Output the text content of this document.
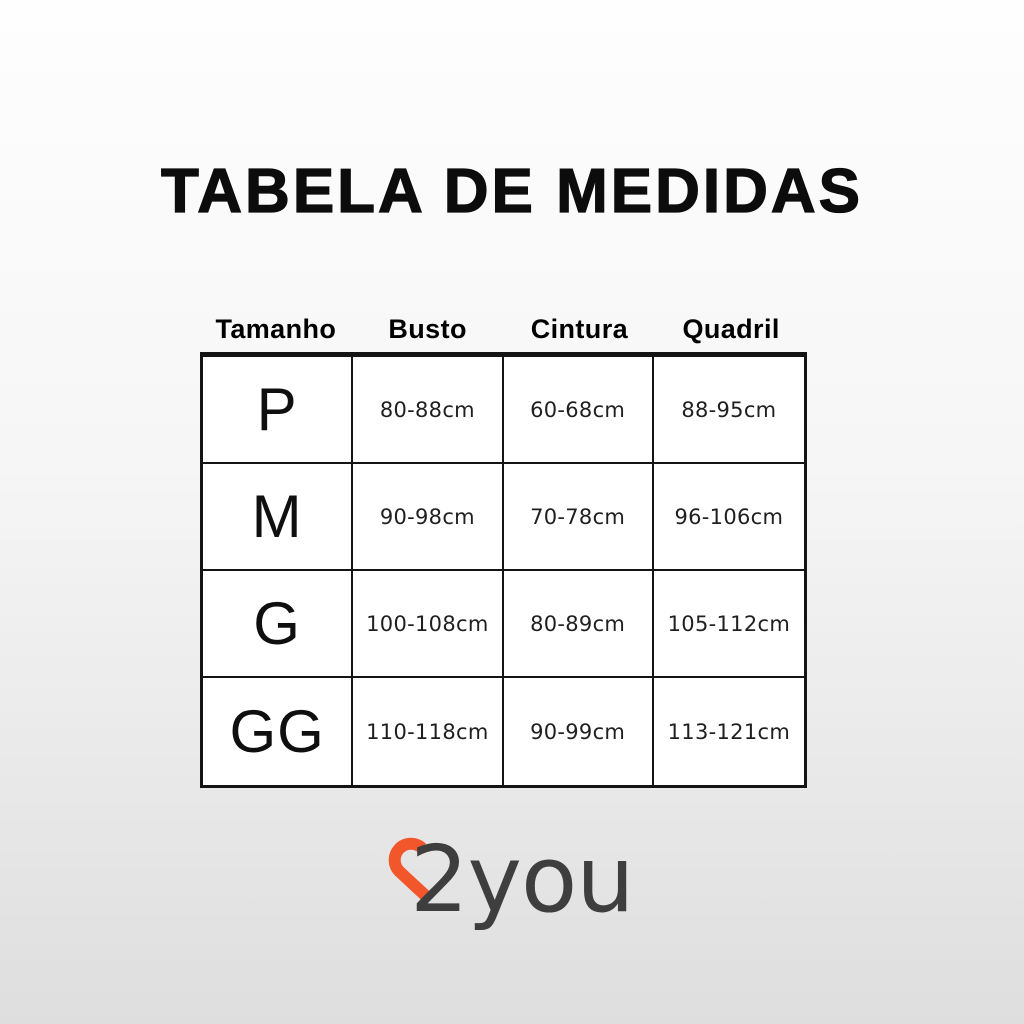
TABELA DE MEDIDAS
Tamanho	Busto	Cintura	Quadril
P	80-88cm	60-68cm	88-95cm
M	90-98cm	70-78cm	96-106cm
G	100-108cm	80-89cm	105-112cm
GG	110-118cm	90-99cm	113-121cm
2you
